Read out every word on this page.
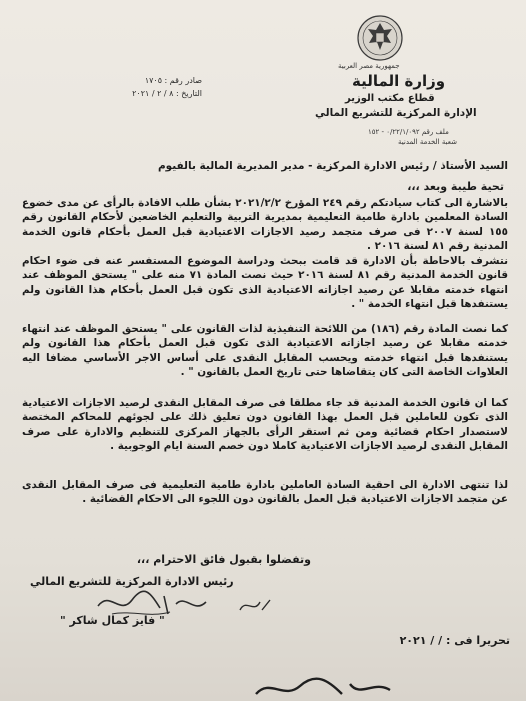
جمهورية مصر العربية
وزارة المالية
قطاع مكتب الوزير
الإدارة المركزية للتشريع المالي
ملف رقم ٠/٢٢/١/٠٩٢ - ١٥٢
شعبة الخدمة المدنية
صادر رقم : ١٧٠٥
التاريخ : ٨ / ٢ / ٢٠٢١
السيد الأستاذ / رئيس الادارة المركزية - مدير المديرية المالية بالفيوم
تحية طيبة وبعد ،،،
بالاشارة الى كتاب سيادتكم رقم ٢٤٩ المؤرخ ٢٠٢١/٢/٢ بشأن طلب الافادة بالرأى عن مدى خضوع السادة المعلمين بادارة طامية التعليمية بمديرية التربية والتعليم الخاضعين لأحكام القانون رقم ١٥٥ لسنة ٢٠٠٧ فى صرف متجمد رصيد الاجازات الاعتيادية قبل العمل بأحكام قانون الخدمة المدنية رقم ٨١ لسنة ٢٠١٦ .
نتشرف بالاحاطة بأن الادارة قد قامت ببحث ودراسة الموضوع المستفسر عنه فى ضوء احكام قانون الخدمة المدنية رقم ٨١ لسنة ٢٠١٦ حيث نصت المادة ٧١ منه على " يستحق الموظف عند انتهاء خدمته مقابلا عن رصيد اجازاته الاعتيادية الذى تكون قبل العمل بأحكام هذا القانون ولم يستنفدها قبل انتهاء الخدمة " .
كما نصت المادة رقم (١٨٦) من اللائحة التنفيذية لذات القانون على " يستحق الموظف عند انتهاء خدمته مقابلا عن رصيد اجازاته الاعتيادية الذى تكون قبل العمل بأحكام هذا القانون ولم يستنفدها قبل انتهاء خدمته ويحسب المقابل النقدى على أساس الاجر الأساسي مضافا اليه العلاوات الخاصة التى كان يتقاضاها حتى تاريخ العمل بالقانون " .
كما ان قانون الخدمة المدنية قد جاء مطلقا فى صرف المقابل النقدى لرصيد الاجازات الاعتيادية الذى تكون للعاملين قبل العمل بهذا القانون دون تعليق ذلك على لجوئهم للمحاكم المختصة لاستصدار احكام قضائية ومن ثم استقر الرأى بالجهاز المركزى للتنظيم والادارة على صرف المقابل النقدى لرصيد الاجازات الاعتيادية كاملا دون خصم السنة ايام الوجوبية .
لذا تنتهى الادارة الى احقية السادة العاملين بادارة طامية التعليمية فى صرف المقابل النقدى عن متجمد الاجازات الاعتيادية قبل العمل بالقانون دون اللجوء الى الاحكام القضائية .
وتفضلوا بقبول فائق الاحترام ،،،
رئيس الادارة المركزية للتشريع المالي
" فايز كمال شاكر "
تحريرا فى : / / ٢٠٢١
